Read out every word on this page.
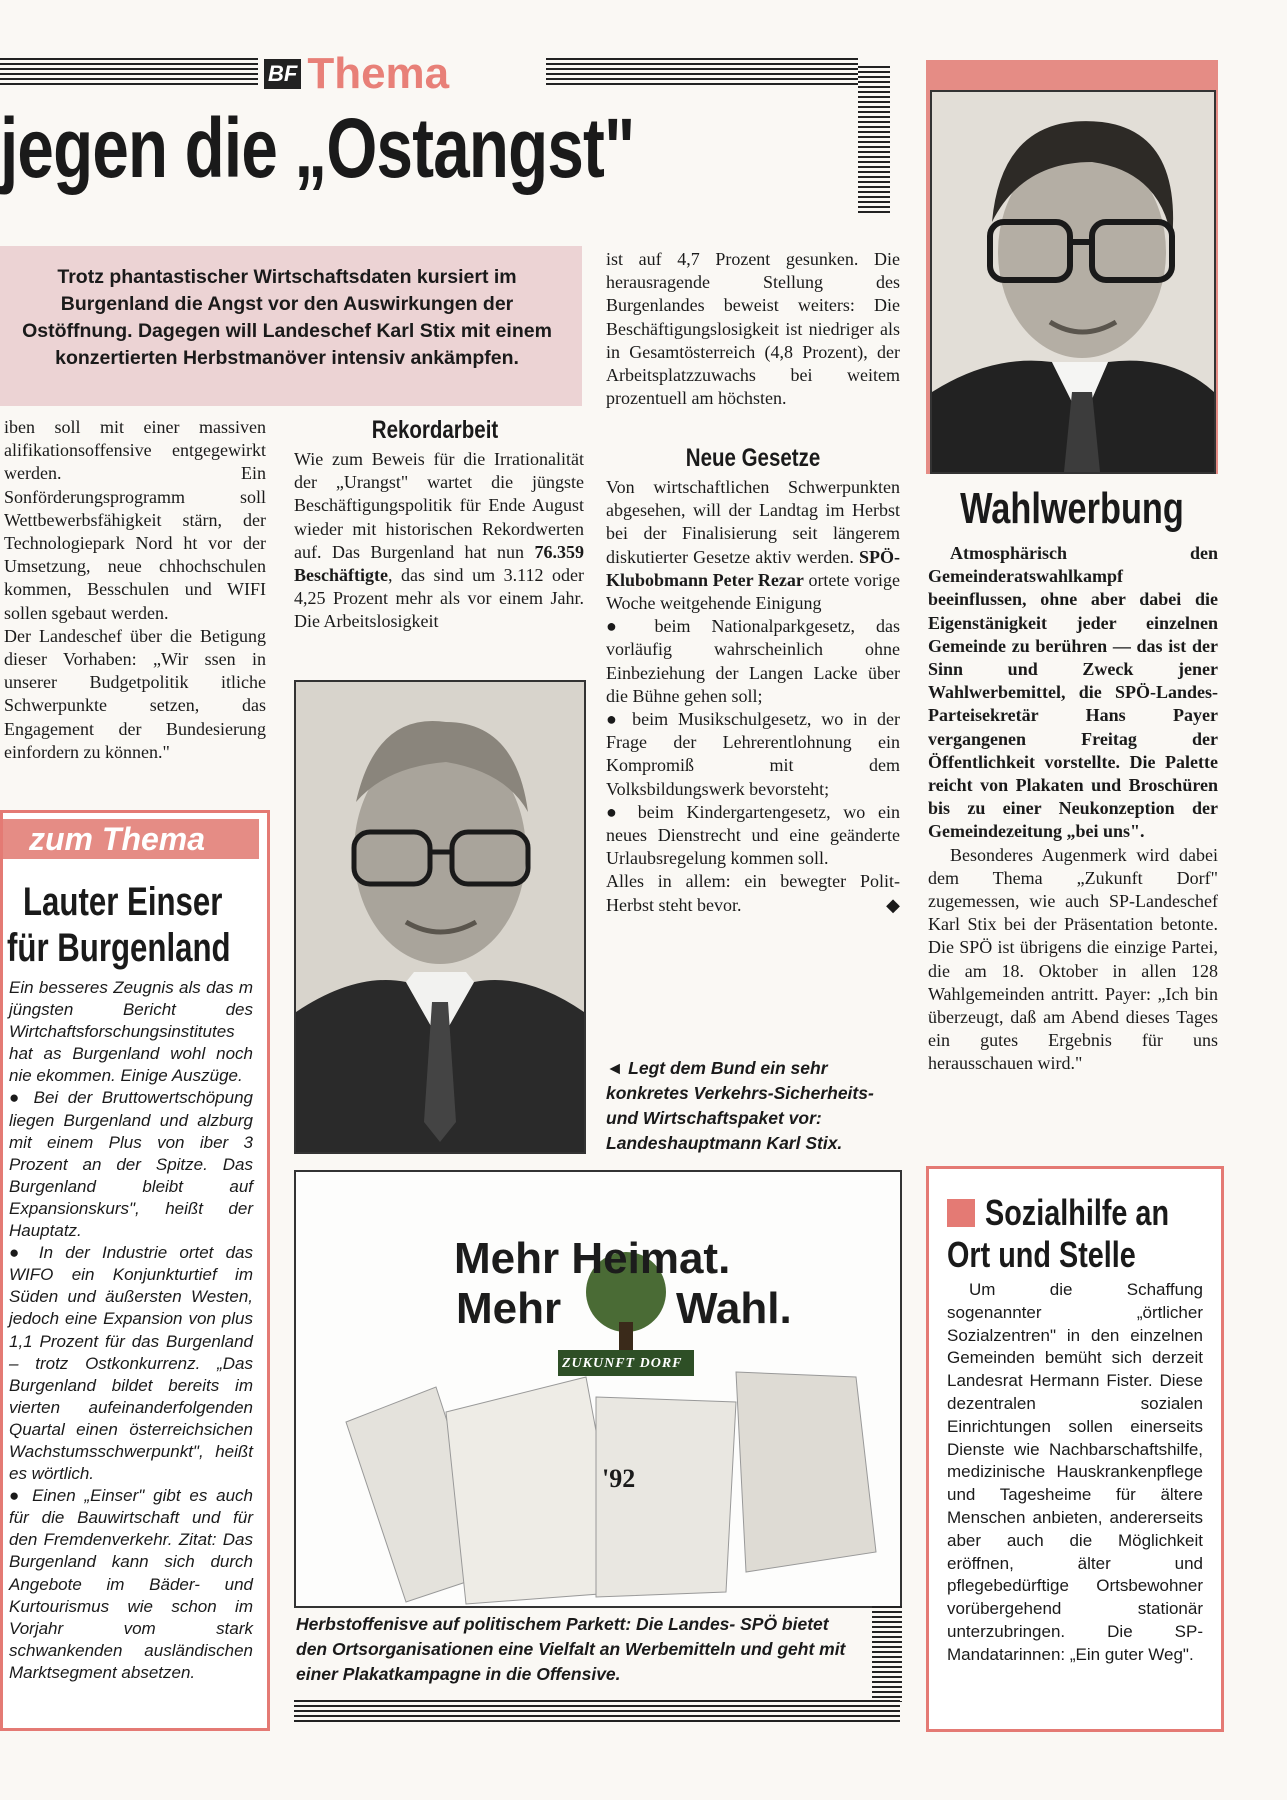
BF Thema
jegen die „Ostangst"
Trotz phantastischer Wirtschaftsdaten kursiert im Burgenland die Angst vor den Auswirkungen der Ostöffnung. Dagegen will Landeschef Karl Stix mit einem konzertierten Herbstmanöver intensiv ankämpfen.

iben soll mit einer massiven alifikationsoffensive entgegewirkt werden. Ein Sonförderungsprogramm soll Wettbewerbsfähigkeit stärn, der Technologiepark Nord ht vor der Umsetzung, neue chhochschulen kommen, Besschulen und WIFI sollen sgebaut werden.

Der Landeschef über die Betigung dieser Vorhaben: „Wir ssen in unserer Budgetpolitik itliche Schwerpunkte setzen, das Engagement der Bundesierung einfordern zu können."

zum Thema
Lauter Einser
für Burgenland
Ein besseres Zeugnis als das m jüngsten Bericht des Wirtchaftsforschungsinstitutes hat as Burgenland wohl noch nie ekommen. Einige Auszüge.
● Bei der Bruttowertschöpung liegen Burgenland und alzburg mit einem Plus von iber 3 Prozent an der Spitze. Das Burgenland bleibt auf Expansionskurs", heißt der Hauptatz.
● In der Industrie ortet das WIFO ein Konjunkturtief im Süden und äußersten Westen, jedoch eine Expansion von plus 1,1 Prozent für das Burgenland – trotz Ostkonkurrenz. „Das Burgenland bildet bereits im vierten aufeinanderfolgenden Quartal einen österreichsichen Wachstumsschwerpunkt", heißt es wörtlich.
● Einen „Einser" gibt es auch für die Bauwirtschaft und für den Fremdenverkehr. Zitat: Das Burgenland kann sich durch Angebote im Bäder- und Kurtourismus wie schon im Vorjahr vom stark schwankenden ausländischen Marktsegment absetzen.
Rekordarbeit

Wie zum Beweis für die Irrationalität der „Urangst" wartet die jüngste Beschäftigungspolitik für Ende August wieder mit historischen Rekordwerten auf. Das Burgenland hat nun 76.359 Beschäftigte, das sind um 3.112 oder 4,25 Prozent mehr als vor einem Jahr. Die Arbeitslosigkeit

ist auf 4,7 Prozent gesunken. Die herausragende Stellung des Burgenlandes beweist weiters: Die Beschäftigungslosigkeit ist niedriger als in Gesamtösterreich (4,8 Prozent), der Arbeitsplatzzuwachs bei weitem prozentuell am höchsten.

Neue Gesetze

Von wirtschaftlichen Schwerpunkten abgesehen, will der Landtag im Herbst bei der Finalisierung seit längerem diskutierter Gesetze aktiv werden. SPÖ-Klubobmann Peter Rezar ortete vorige Woche weitgehende Einigung

● beim Nationalparkgesetz, das vorläufig wahrscheinlich ohne Einbeziehung der Langen Lacke über die Bühne gehen soll;

● beim Musikschulgesetz, wo in der Frage der Lehrerentlohnung ein Kompromiß mit dem Volksbildungswerk bevorsteht;

● beim Kindergartengesetz, wo ein neues Dienstrecht und eine geänderte Urlaubsregelung kommen soll.

Alles in allem: ein bewegter Polit-Herbst steht bevor.	◆

◄ Legt dem Bund ein sehr konkretes Verkehrs-Sicherheits- und Wirtschaftspaket vor: Landeshauptmann Karl Stix.
Mehr Heimat.
Mehr	Wahl.
ZUKUNFT DORF
'92
Herbstoffenisve auf politischem Parkett: Die Landes- SPÖ bietet den Ortsorganisationen eine Vielfalt an Werbemitteln und geht mit einer Plakatkampagne in die Offensive.
Wahlwerbung

Atmosphärisch den Gemeinderatswahlkampf beeinflussen, ohne aber dabei die Eigenstänigkeit jeder einzelnen Gemeinde zu berühren — das ist der Sinn und Zweck jener Wahlwerbemittel, die SPÖ-Landes-Parteisekretär Hans Payer vergangenen Freitag der Öffentlichkeit vorstellte. Die Palette reicht von Plakaten und Broschüren bis zu einer Neukonzeption der Gemeindezeitung „bei uns".

Besonderes Augenmerk wird dabei dem Thema „Zukunft Dorf" zugemessen, wie auch SP-Landeschef Karl Stix bei der Präsentation betonte. Die SPÖ ist übrigens die einzige Partei, die am 18. Oktober in allen 128 Wahlgemeinden antritt. Payer: „Ich bin überzeugt, daß am Abend dieses Tages ein gutes Ergebnis für uns herausschauen wird."

Sozialhilfe an
Ort und Stelle
Um die Schaffung sogenannter „örtlicher Sozialzentren" in den einzelnen Gemeinden bemüht sich derzeit Landesrat Hermann Fister. Diese dezentralen sozialen Einrichtungen sollen einerseits Dienste wie Nachbarschaftshilfe, medizinische Hauskrankenpflege und Tagesheime für ältere Menschen anbieten, andererseits aber auch die Möglichkeit eröffnen, älter und pflegebedürftige Ortsbewohner vorübergehend stationär unterzubringen. Die SP-Mandatarinnen: „Ein guter Weg".
